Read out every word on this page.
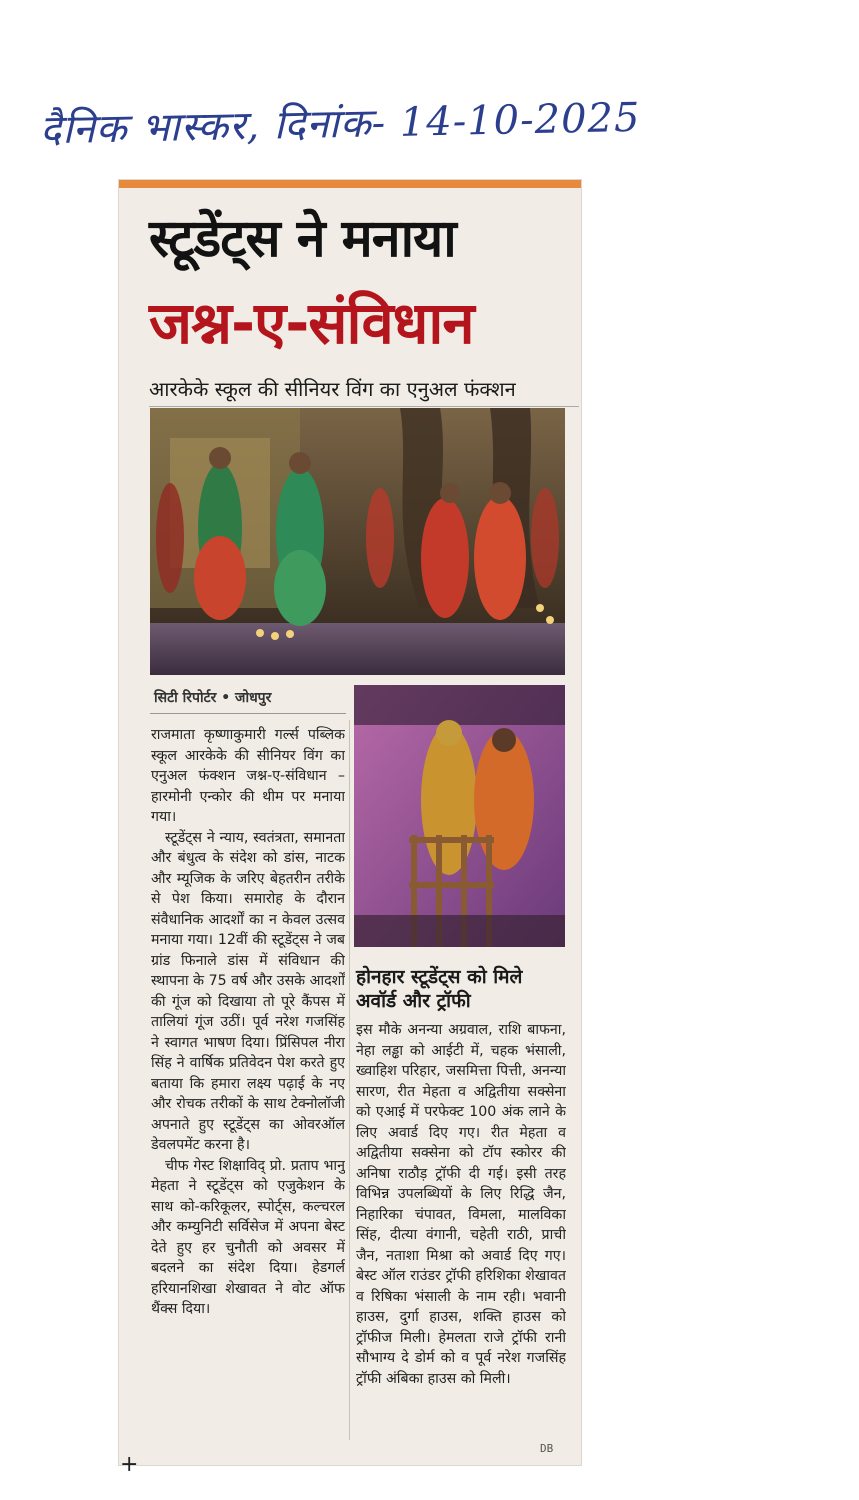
दैनिक भास्कर, दिनांक- 14-10-2025
स्टूडेंट्स ने मनाया
जश्न-ए-संविधान
आरकेके स्कूल की सीनियर विंग का एनुअल फंक्शन
सिटी रिपोर्टर • जोधपुर

राजमाता कृष्णाकुमारी गर्ल्स पब्लिक स्कूल आरकेके की सीनियर विंग का एनुअल फंक्शन जश्न-ए-संविधान – हारमोनी एन्कोर की थीम पर मनाया गया।

स्टूडेंट्स ने न्याय, स्वतंत्रता, समानता और बंधुत्व के संदेश को डांस, नाटक और म्यूजिक के जरिए बेहतरीन तरीके से पेश किया। समारोह के दौरान संवैधानिक आदर्शों का न केवल उत्सव मनाया गया। 12वीं की स्टूडेंट्स ने जब ग्रांड फिनाले डांस में संविधान की स्थापना के 75 वर्ष और उसके आदर्शों की गूंज को दिखाया तो पूरे कैंपस में तालियां गूंज उठीं। पूर्व नरेश गजसिंह ने स्वागत भाषण दिया। प्रिंसिपल नीरा सिंह ने वार्षिक प्रतिवेदन पेश करते हुए बताया कि हमारा लक्ष्य पढ़ाई के नए और रोचक तरीकों के साथ टेक्नोलॉजी अपनाते हुए स्टूडेंट्स का ओवरऑल डेवलपमेंट करना है।

चीफ गेस्ट शिक्षाविद् प्रो. प्रताप भानु मेहता ने स्टूडेंट्स को एजुकेशन के साथ को-करिकूलर, स्पोर्ट्स, कल्चरल और कम्युनिटी सर्विसेज में अपना बेस्ट देते हुए हर चुनौती को अवसर में बदलने का संदेश दिया। हेडगर्ल हरियानशिखा शेखावत ने वोट ऑफ थैंक्स दिया।

होनहार स्टूडेंट्स को मिले अवॉर्ड और ट्रॉफी

इस मौके अनन्या अग्रवाल, राशि बाफना, नेहा लड्ढा को आईटी में, चहक भंसाली, ख्वाहिश परिहार, जसमित्ता पित्ती, अनन्या सारण, रीत मेहता व अद्वितीया सक्सेना को एआई में परफेक्ट 100 अंक लाने के लिए अवार्ड दिए गए। रीत मेहता व अद्वितीया सक्सेना को टॉप स्कोरर की अनिषा राठौड़ ट्रॉफी दी गई। इसी तरह विभिन्न उपलब्धियों के लिए रिद्धि जैन, निहारिका चंपावत, विमला, मालविका सिंह, दीत्या वंगानी, चहेती राठी, प्राची जैन, नताशा मिश्रा को अवार्ड दिए गए। बेस्ट ऑल राउंडर ट्रॉफी हरिशिका शेखावत व रिषिका भंसाली के नाम रही। भवानी हाउस, दुर्गा हाउस, शक्ति हाउस को ट्रॉफीज मिली। हेमलता राजे ट्रॉफी रानी सौभाग्य दे डोर्म को व पूर्व नरेश गजसिंह ट्रॉफी अंबिका हाउस को मिली।

+
DB
